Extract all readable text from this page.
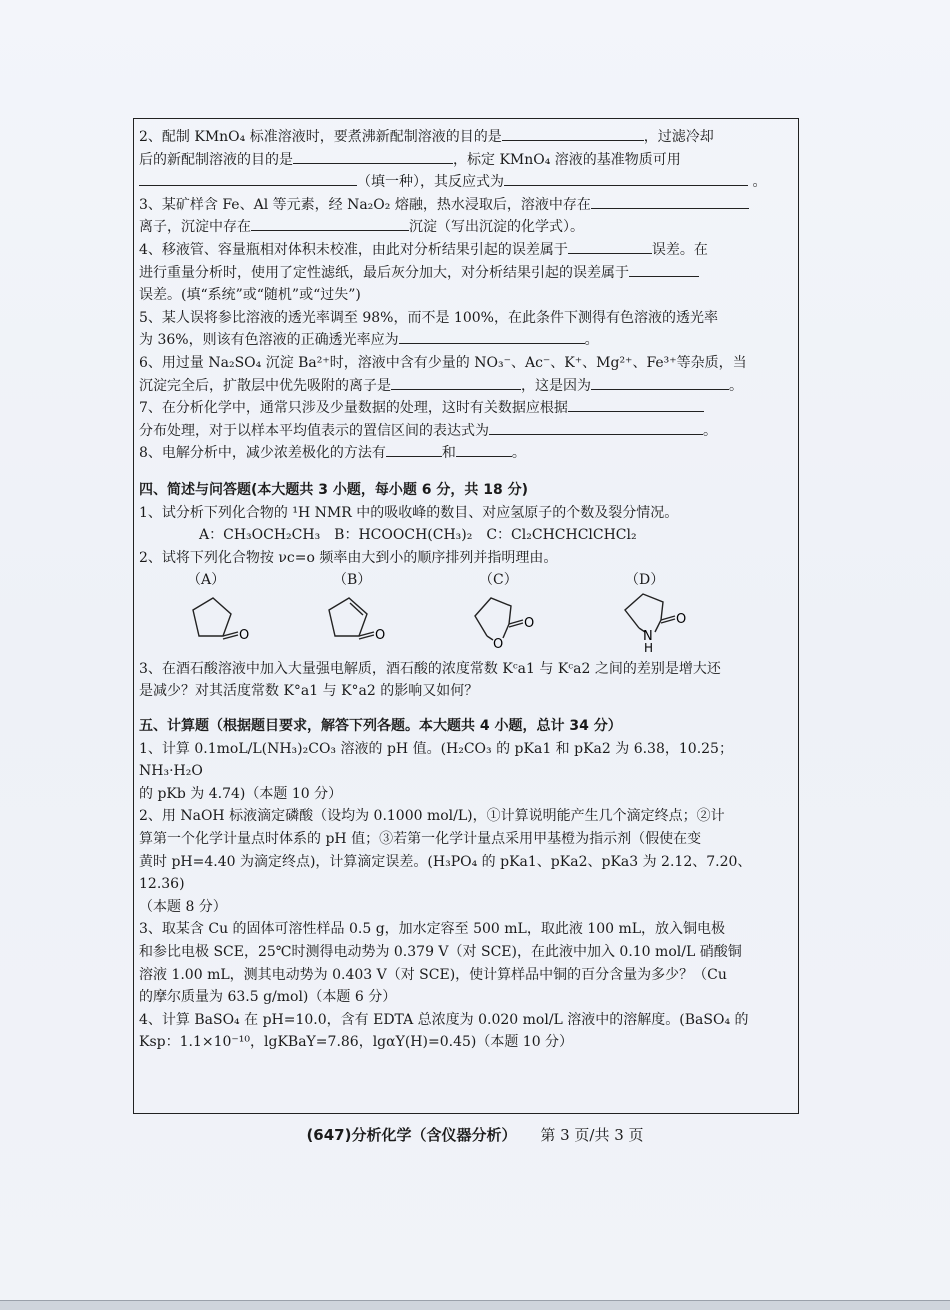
2、配制 KMnO₄ 标准溶液时，要煮沸新配制溶液的目的是	，过滤冷却

后的新配制溶液的目的是	，标定 KMnO₄ 溶液的基准物质可用

（填一种），其反应式为	。

3、某矿样含 Fe、Al 等元素，经 Na₂O₂ 熔融，热水浸取后，溶液中存在

离子，沉淀中存在	沉淀（写出沉淀的化学式）。

4、移液管、容量瓶相对体积未校准，由此对分析结果引起的误差属于	误差。在

进行重量分析时，使用了定性滤纸，最后灰分加大，对分析结果引起的误差属于

误差。(填“系统”或“随机”或“过失”)

5、某人误将参比溶液的透光率调至 98%，而不是 100%，在此条件下测得有色溶液的透光率

为 36%，则该有色溶液的正确透光率应为	。

6、用过量 Na₂SO₄ 沉淀 Ba²⁺时，溶液中含有少量的 NO₃⁻、Ac⁻、K⁺、Mg²⁺、Fe³⁺等杂质，当

沉淀完全后，扩散层中优先吸附的离子是	，这是因为	。

7、在分析化学中，通常只涉及少量数据的处理，这时有关数据应根据

分布处理，对于以样本平均值表示的置信区间的表达式为	。

8、电解分析中，减少浓差极化的方法有	和	。

四、简述与问答题(本大题共 3 小题，每小题 6 分，共 18 分)

1、试分析下列化合物的 ¹H NMR 中的吸收峰的数目、对应氢原子的个数及裂分情况。

A：CH₃OCH₂CH₃　B：HCOOCH(CH₃)₂　C：Cl₂CHCHClCHCl₂

2、试将下列化合物按 νc=o 频率由大到小的顺序排列并指明理由。

（A）	（B）	（C）	（D）
O	O
O
O
N
H
O

3、在酒石酸溶液中加入大量强电解质，酒石酸的浓度常数 Kᶜa1 与 Kᶜa2 之间的差别是增大还

是减少？对其活度常数 K°a1 与 K°a2 的影响又如何？

五、计算题（根据题目要求，解答下列各题。本大题共 4 小题，总计 34 分）

1、计算 0.1moL/L(NH₃)₂CO₃ 溶液的 pH 值。(H₂CO₃ 的 pKa1 和 pKa2 为 6.38，10.25；NH₃·H₂O

的 pKb 为 4.74)（本题 10 分）

2、用 NaOH 标液滴定磷酸（设均为 0.1000 mol/L)，①计算说明能产生几个滴定终点；②计

算第一个化学计量点时体系的 pH 值；③若第一化学计量点采用甲基橙为指示剂（假使在变

黄时 pH=4.40 为滴定终点)，计算滴定误差。(H₃PO₄ 的 pKa1、pKa2、pKa3 为 2.12、7.20、12.36)

（本题 8 分）

3、取某含 Cu 的固体可溶性样品 0.5 g，加水定容至 500 mL，取此液 100 mL，放入铜电极

和参比电极 SCE，25℃时测得电动势为 0.379 V（对 SCE)，在此液中加入 0.10 mol/L 硝酸铜

溶液 1.00 mL，测其电动势为 0.403 V（对 SCE)，使计算样品中铜的百分含量为多少？（Cu

的摩尔质量为 63.5 g/mol)（本题 6 分）

4、计算 BaSO₄ 在 pH=10.0，含有 EDTA 总浓度为 0.020 mol/L 溶液中的溶解度。(BaSO₄ 的

Ksp：1.1×10⁻¹⁰，lgKBaY=7.86，lgαY(H)=0.45)（本题 10 分）

(647)分析化学（含仪器分析） 第 3 页/共 3 页
